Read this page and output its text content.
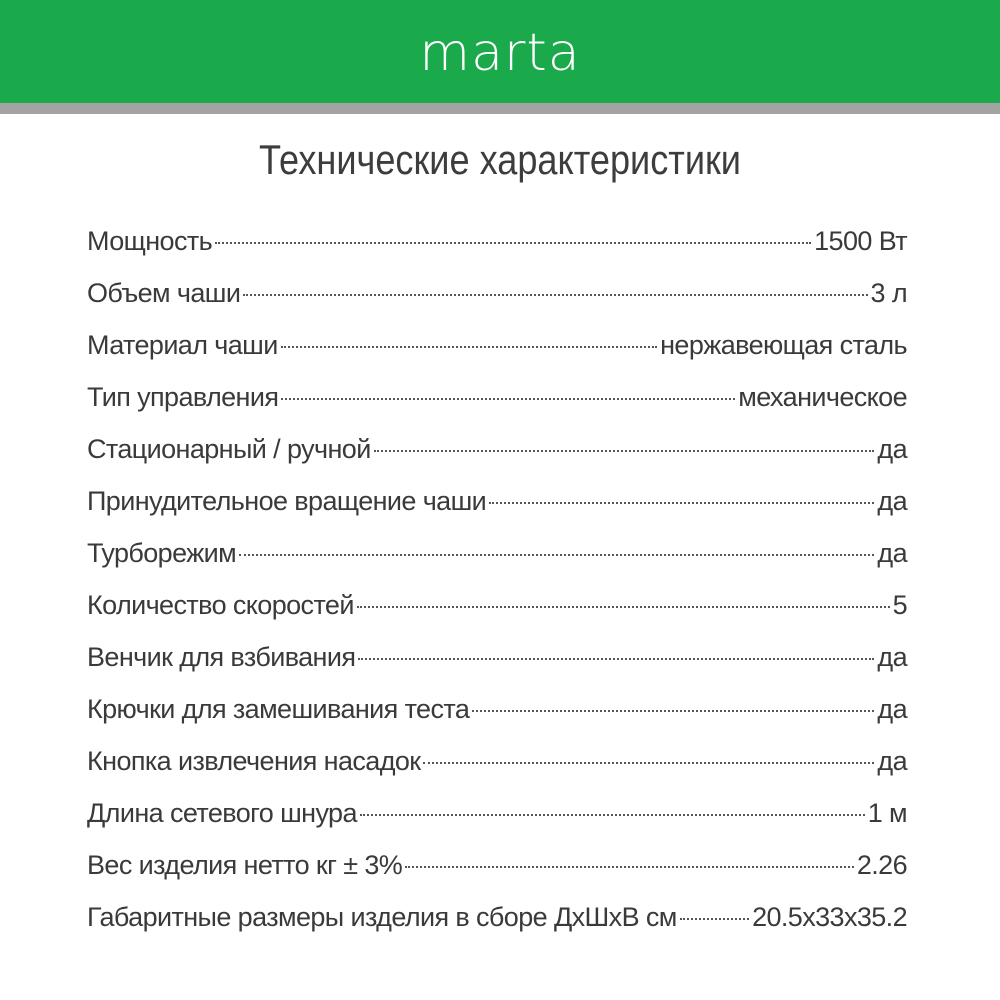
marta
Технические характеристики
Мощность	1500 Вт
Объем чаши	3 л
Материал чаши	нержавеющая сталь
Тип управления	механическое
Стационарный / ручной	да
Принудительное вращение чаши	да
Турборежим	да
Количество скоростей	5
Венчик для взбивания	да
Крючки для замешивания теста	да
Кнопка извлечения насадок	да
Длина сетевого шнура	1 м
Вес изделия нетто кг ± 3%	2.26
Габаритные размеры изделия в сборе ДхШхВ см	20.5х33х35.2
